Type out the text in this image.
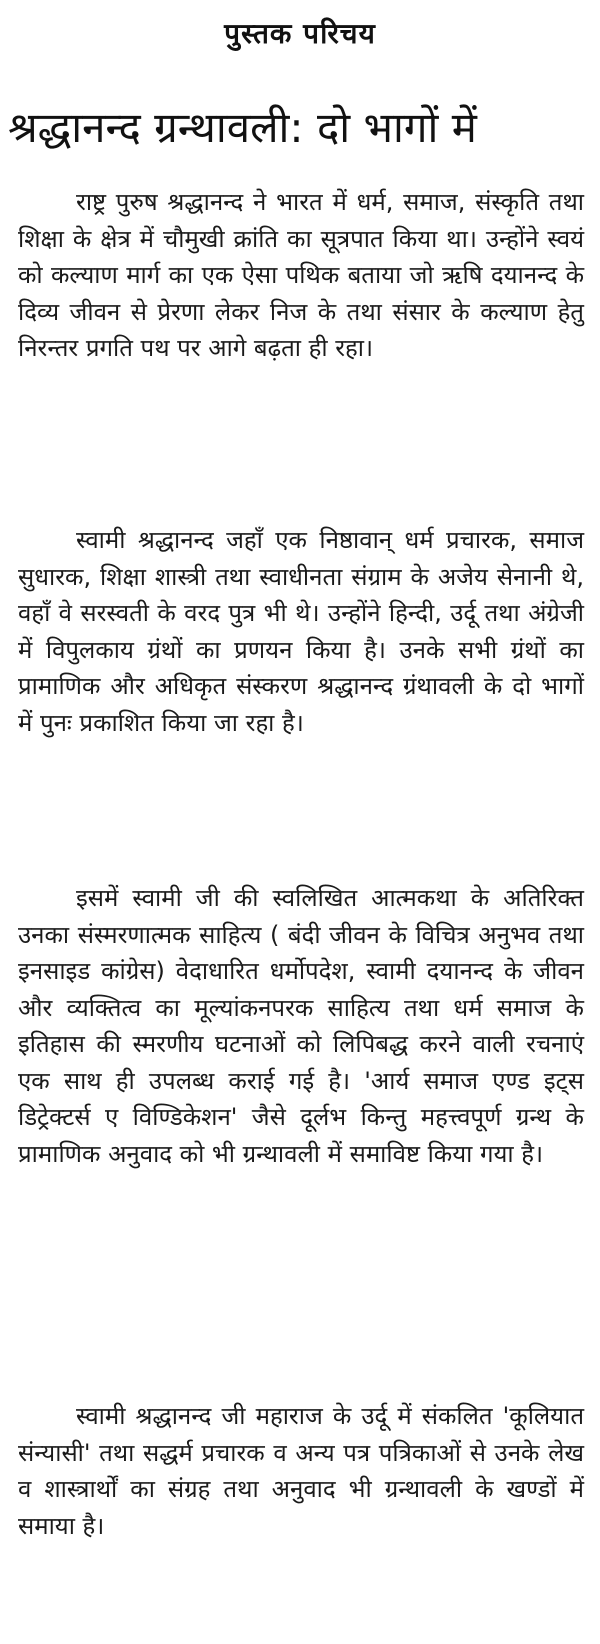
पुस्तक परिचय
श्रद्धानन्द ग्रन्थावली: दो भागों में

राष्ट्र पुरुष श्रद्धानन्द ने भारत में धर्म, समाज, संस्कृति तथा शिक्षा के क्षेत्र में चौमुखी क्रांति का सूत्रपात किया था। उन्होंने स्वयं को कल्याण मार्ग का एक ऐसा पथिक बताया जो ऋषि दयानन्द के दिव्य जीवन से प्रेरणा लेकर निज के तथा संसार के कल्याण हेतु निरन्तर प्रगति पथ पर आगे बढ़ता ही रहा।

स्वामी श्रद्धानन्द जहाँ एक निष्ठावान् धर्म प्रचारक, समाज सुधारक, शिक्षा शास्त्री तथा स्वाधीनता संग्राम के अजेय सेनानी थे, वहाँ वे सरस्वती के वरद पुत्र भी थे। उन्होंने हिन्दी, उर्दू तथा अंग्रेजी में विपुलकाय ग्रंथों का प्रणयन किया है। उनके सभी ग्रंथों का प्रामाणिक और अधिकृत संस्करण श्रद्धानन्द ग्रंथावली के दो भागों में पुनः प्रकाशित किया जा रहा है।

इसमें स्वामी जी की स्वलिखित आत्मकथा के अतिरिक्त उनका संस्मरणात्मक साहित्य ( बंदी जीवन के विचित्र अनुभव तथा इनसाइड कांग्रेस) वेदाधारित धर्मोपदेश, स्वामी दयानन्द के जीवन और व्यक्तित्व का मूल्यांकनपरक साहित्य तथा धर्म समाज के इतिहास की स्मरणीय घटनाओं को लिपिबद्ध करने वाली रचनाएं एक साथ ही उपलब्ध कराई गई है। 'आर्य समाज एण्ड इट्स डिट्रेक्टर्स ए विण्डिकेशन' जैसे दूर्लभ किन्तु महत्त्वपूर्ण ग्रन्थ के प्रामाणिक अनुवाद को भी ग्रन्थावली में समाविष्ट किया गया है।

स्वामी श्रद्धानन्द जी महाराज के उर्दू में संकलित 'कूलियात संन्यासी' तथा सद्धर्म प्रचारक व अन्य पत्र पत्रिकाओं से उनके लेख व शास्त्रार्थों का संग्रह तथा अनुवाद भी ग्रन्थावली के खण्डों में समाया है।
